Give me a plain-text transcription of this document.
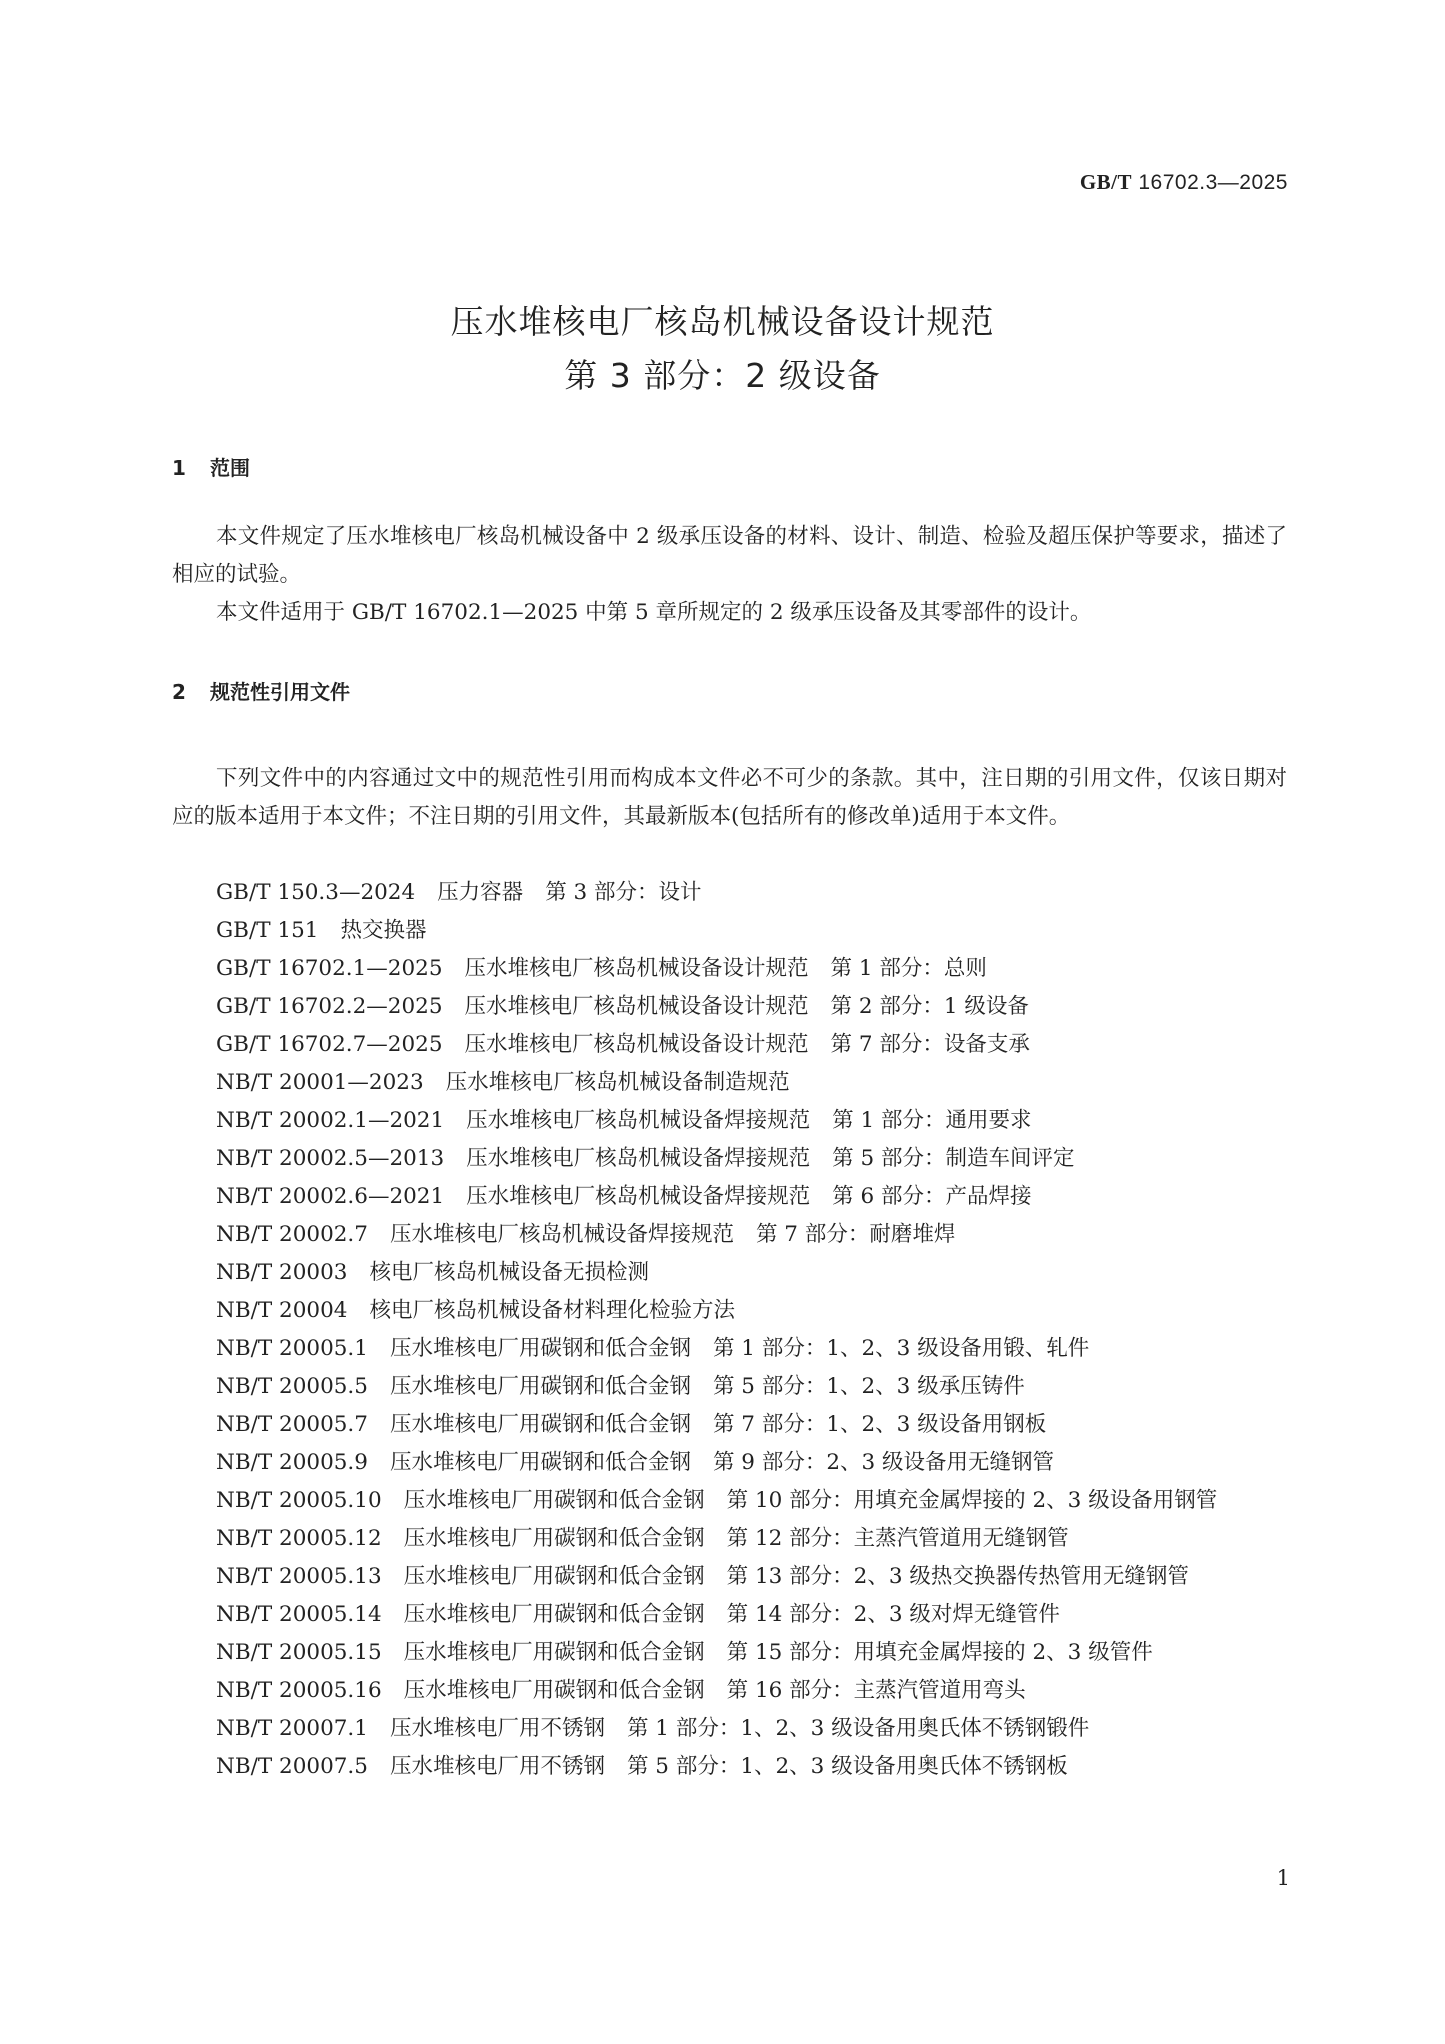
GB/T 16702.3—2025
压水堆核电厂核岛机械设备设计规范
第 3 部分：2 级设备
1 范围

本文件规定了压水堆核电厂核岛机械设备中 2 级承压设备的材料、设计、制造、检验及超压保护等要求，描述了相应的试验。

本文件适用于 GB/T 16702.1—2025 中第 5 章所规定的 2 级承压设备及其零部件的设计。

2 规范性引用文件

下列文件中的内容通过文中的规范性引用而构成本文件必不可少的条款。其中，注日期的引用文件，仅该日期对应的版本适用于本文件；不注日期的引用文件，其最新版本(包括所有的修改单)适用于本文件。

GB/T 150.3—2024 压力容器 第 3 部分：设计
GB/T 151 热交换器
GB/T 16702.1—2025 压水堆核电厂核岛机械设备设计规范 第 1 部分：总则
GB/T 16702.2—2025 压水堆核电厂核岛机械设备设计规范 第 2 部分：1 级设备
GB/T 16702.7—2025 压水堆核电厂核岛机械设备设计规范 第 7 部分：设备支承
NB/T 20001—2023 压水堆核电厂核岛机械设备制造规范
NB/T 20002.1—2021 压水堆核电厂核岛机械设备焊接规范 第 1 部分：通用要求
NB/T 20002.5—2013 压水堆核电厂核岛机械设备焊接规范 第 5 部分：制造车间评定
NB/T 20002.6—2021 压水堆核电厂核岛机械设备焊接规范 第 6 部分：产品焊接
NB/T 20002.7 压水堆核电厂核岛机械设备焊接规范 第 7 部分：耐磨堆焊
NB/T 20003 核电厂核岛机械设备无损检测
NB/T 20004 核电厂核岛机械设备材料理化检验方法
NB/T 20005.1 压水堆核电厂用碳钢和低合金钢 第 1 部分：1、2、3 级设备用锻、轧件
NB/T 20005.5 压水堆核电厂用碳钢和低合金钢 第 5 部分：1、2、3 级承压铸件
NB/T 20005.7 压水堆核电厂用碳钢和低合金钢 第 7 部分：1、2、3 级设备用钢板
NB/T 20005.9 压水堆核电厂用碳钢和低合金钢 第 9 部分：2、3 级设备用无缝钢管
NB/T 20005.10 压水堆核电厂用碳钢和低合金钢 第 10 部分：用填充金属焊接的 2、3 级设备用钢管
NB/T 20005.12 压水堆核电厂用碳钢和低合金钢 第 12 部分：主蒸汽管道用无缝钢管
NB/T 20005.13 压水堆核电厂用碳钢和低合金钢 第 13 部分：2、3 级热交换器传热管用无缝钢管
NB/T 20005.14 压水堆核电厂用碳钢和低合金钢 第 14 部分：2、3 级对焊无缝管件
NB/T 20005.15 压水堆核电厂用碳钢和低合金钢 第 15 部分：用填充金属焊接的 2、3 级管件
NB/T 20005.16 压水堆核电厂用碳钢和低合金钢 第 16 部分：主蒸汽管道用弯头
NB/T 20007.1 压水堆核电厂用不锈钢 第 1 部分：1、2、3 级设备用奥氏体不锈钢锻件
NB/T 20007.5 压水堆核电厂用不锈钢 第 5 部分：1、2、3 级设备用奥氏体不锈钢板
1
